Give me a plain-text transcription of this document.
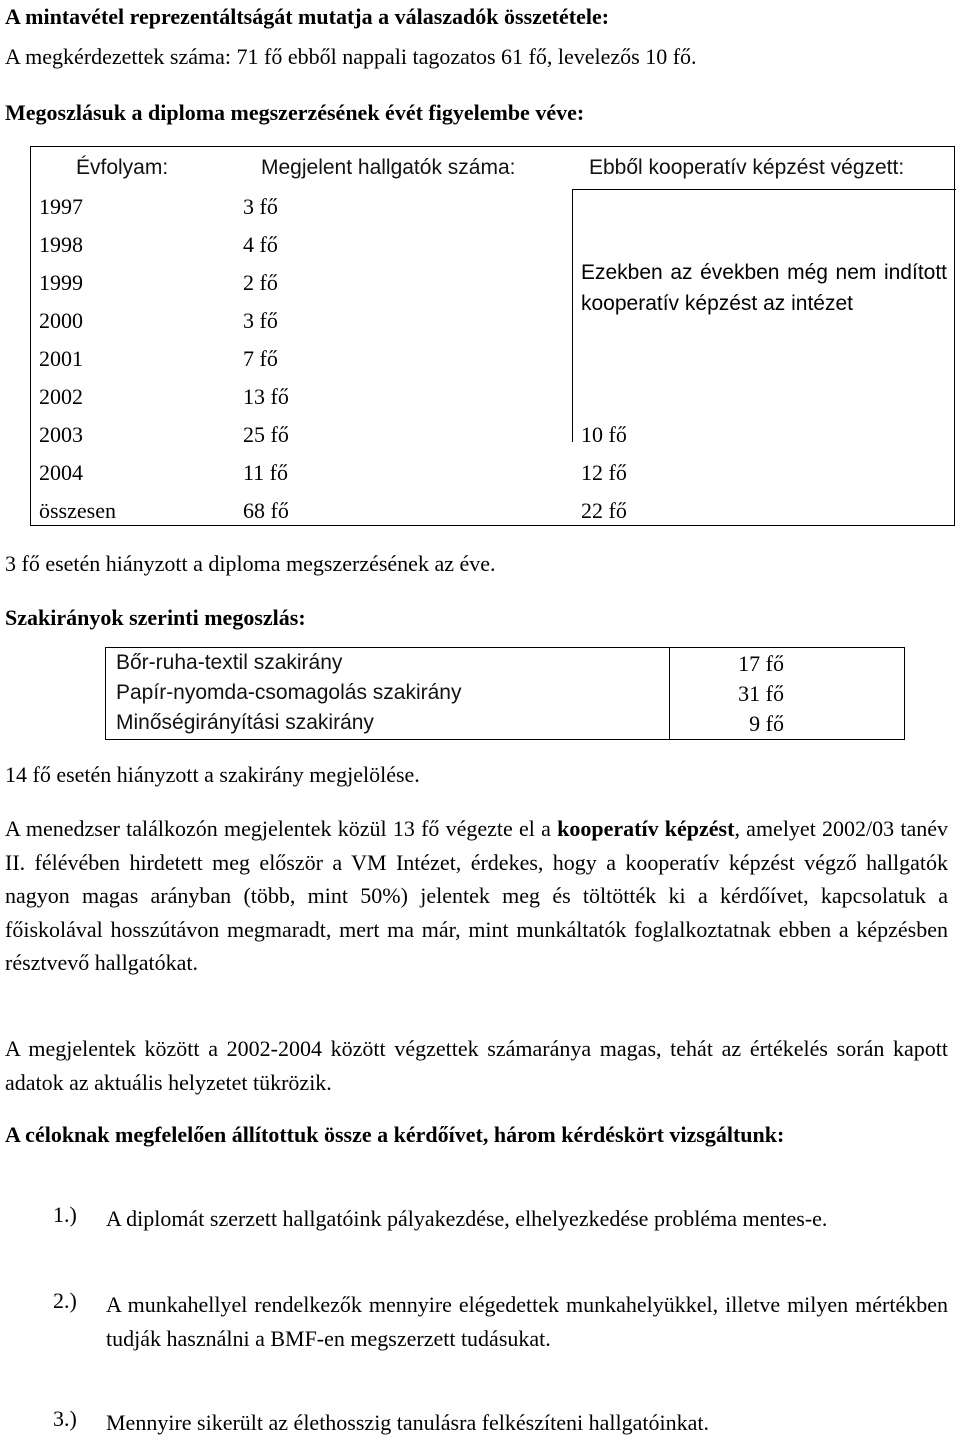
A mintavétel reprezentáltságát mutatja a válaszadók összetétele:
A megkérdezettek száma: 71 fő ebből nappali tagozatos 61 fő, levelezős 10 fő.
Megoszlásuk a diploma megszerzésének évét figyelembe véve:
Évfolyam:	Megjelent hallgatók száma:	Ebből kooperatív képzést végzett:
Ezekben az években még nem indított kooperatív képzést az intézet
1997	3 fő
1998	4 fő
1999	2 fő
2000	3 fő
2001	7 fő
2002	13 fő
2003	25 fő	10 fő
2004	11 fő	12 fő
összesen	68 fő	22 fő
3 fő esetén hiányzott a diploma megszerzésének az éve.
Szakirányok szerinti megoszlás:
Bőr-ruha-textil szakirány	17 fő
Papír-nyomda-csomagolás szakirány	31 fő
Minőségirányítási szakirány	9 fő
14 fő esetén hiányzott a szakirány megjelölése.
A menedzser találkozón megjelentek közül 13 fő végezte el a kooperatív képzést, amelyet 2002/03 tanév II. félévében hirdetett meg először a VM Intézet, érdekes, hogy a kooperatív képzést végző hallgatók nagyon magas arányban (több, mint 50%) jelentek meg és töltötték ki a kérdőívet, kapcsolatuk a főiskolával hosszútávon megmaradt, mert ma már, mint munkáltatók foglalkoztatnak ebben a képzésben résztvevő hallgatókat.
A megjelentek között a 2002-2004 között végzettek számaránya magas, tehát az értékelés során kapott adatok az aktuális helyzetet tükrözik.
A céloknak megfelelően állítottuk össze a kérdőívet, három kérdéskört vizsgáltunk:
1.) A diplomát szerzett hallgatóink pályakezdése, elhelyezkedése probléma mentes-e.
2.) A munkahellyel rendelkezők mennyire elégedettek munkahelyükkel, illetve milyen mértékben tudják használni a BMF-en megszerzett tudásukat.
3.) Mennyire sikerült az élethosszig tanulásra felkészíteni hallgatóinkat.
